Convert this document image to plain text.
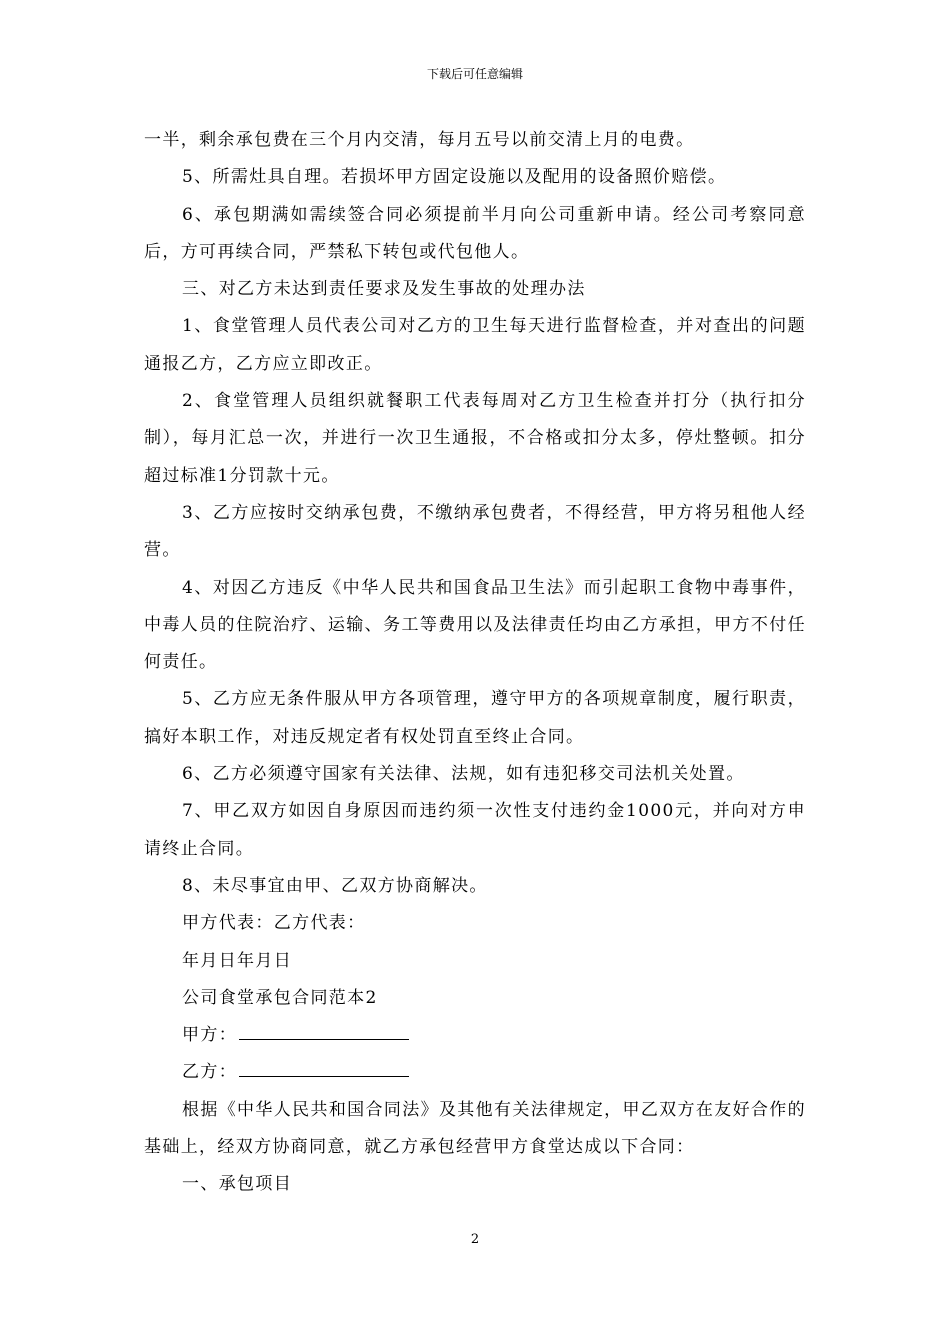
下载后可任意编辑

一半，剩余承包费在三个月内交清，每月五号以前交清上月的电费。

5、所需灶具自理。若损坏甲方固定设施以及配用的设备照价赔偿。

6、承包期满如需续签合同必须提前半月向公司重新申请。经公司考察同意后，方可再续合同，严禁私下转包或代包他人。

三、对乙方未达到责任要求及发生事故的处理办法

1、食堂管理人员代表公司对乙方的卫生每天进行监督检查，并对查出的问题通报乙方，乙方应立即改正。

2、食堂管理人员组织就餐职工代表每周对乙方卫生检查并打分（执行扣分制），每月汇总一次，并进行一次卫生通报，不合格或扣分太多，停灶整顿。扣分超过标准1分罚款十元。

3、乙方应按时交纳承包费，不缴纳承包费者，不得经营，甲方将另租他人经营。

4、对因乙方违反《中华人民共和国食品卫生法》而引起职工食物中毒事件，中毒人员的住院治疗、运输、务工等费用以及法律责任均由乙方承担，甲方不付任何责任。

5、乙方应无条件服从甲方各项管理，遵守甲方的各项规章制度，履行职责，搞好本职工作，对违反规定者有权处罚直至终止合同。

6、乙方必须遵守国家有关法律、法规，如有违犯移交司法机关处置。

7、甲乙双方如因自身原因而违约须一次性支付违约金1000元，并向对方申请终止合同。

8、未尽事宜由甲、乙双方协商解决。

甲方代表：乙方代表：

年月日年月日

公司食堂承包合同范本2

甲方：

乙方：

根据《中华人民共和国合同法》及其他有关法律规定，甲乙双方在友好合作的基础上，经双方协商同意，就乙方承包经营甲方食堂达成以下合同：

一、承包项目

2
